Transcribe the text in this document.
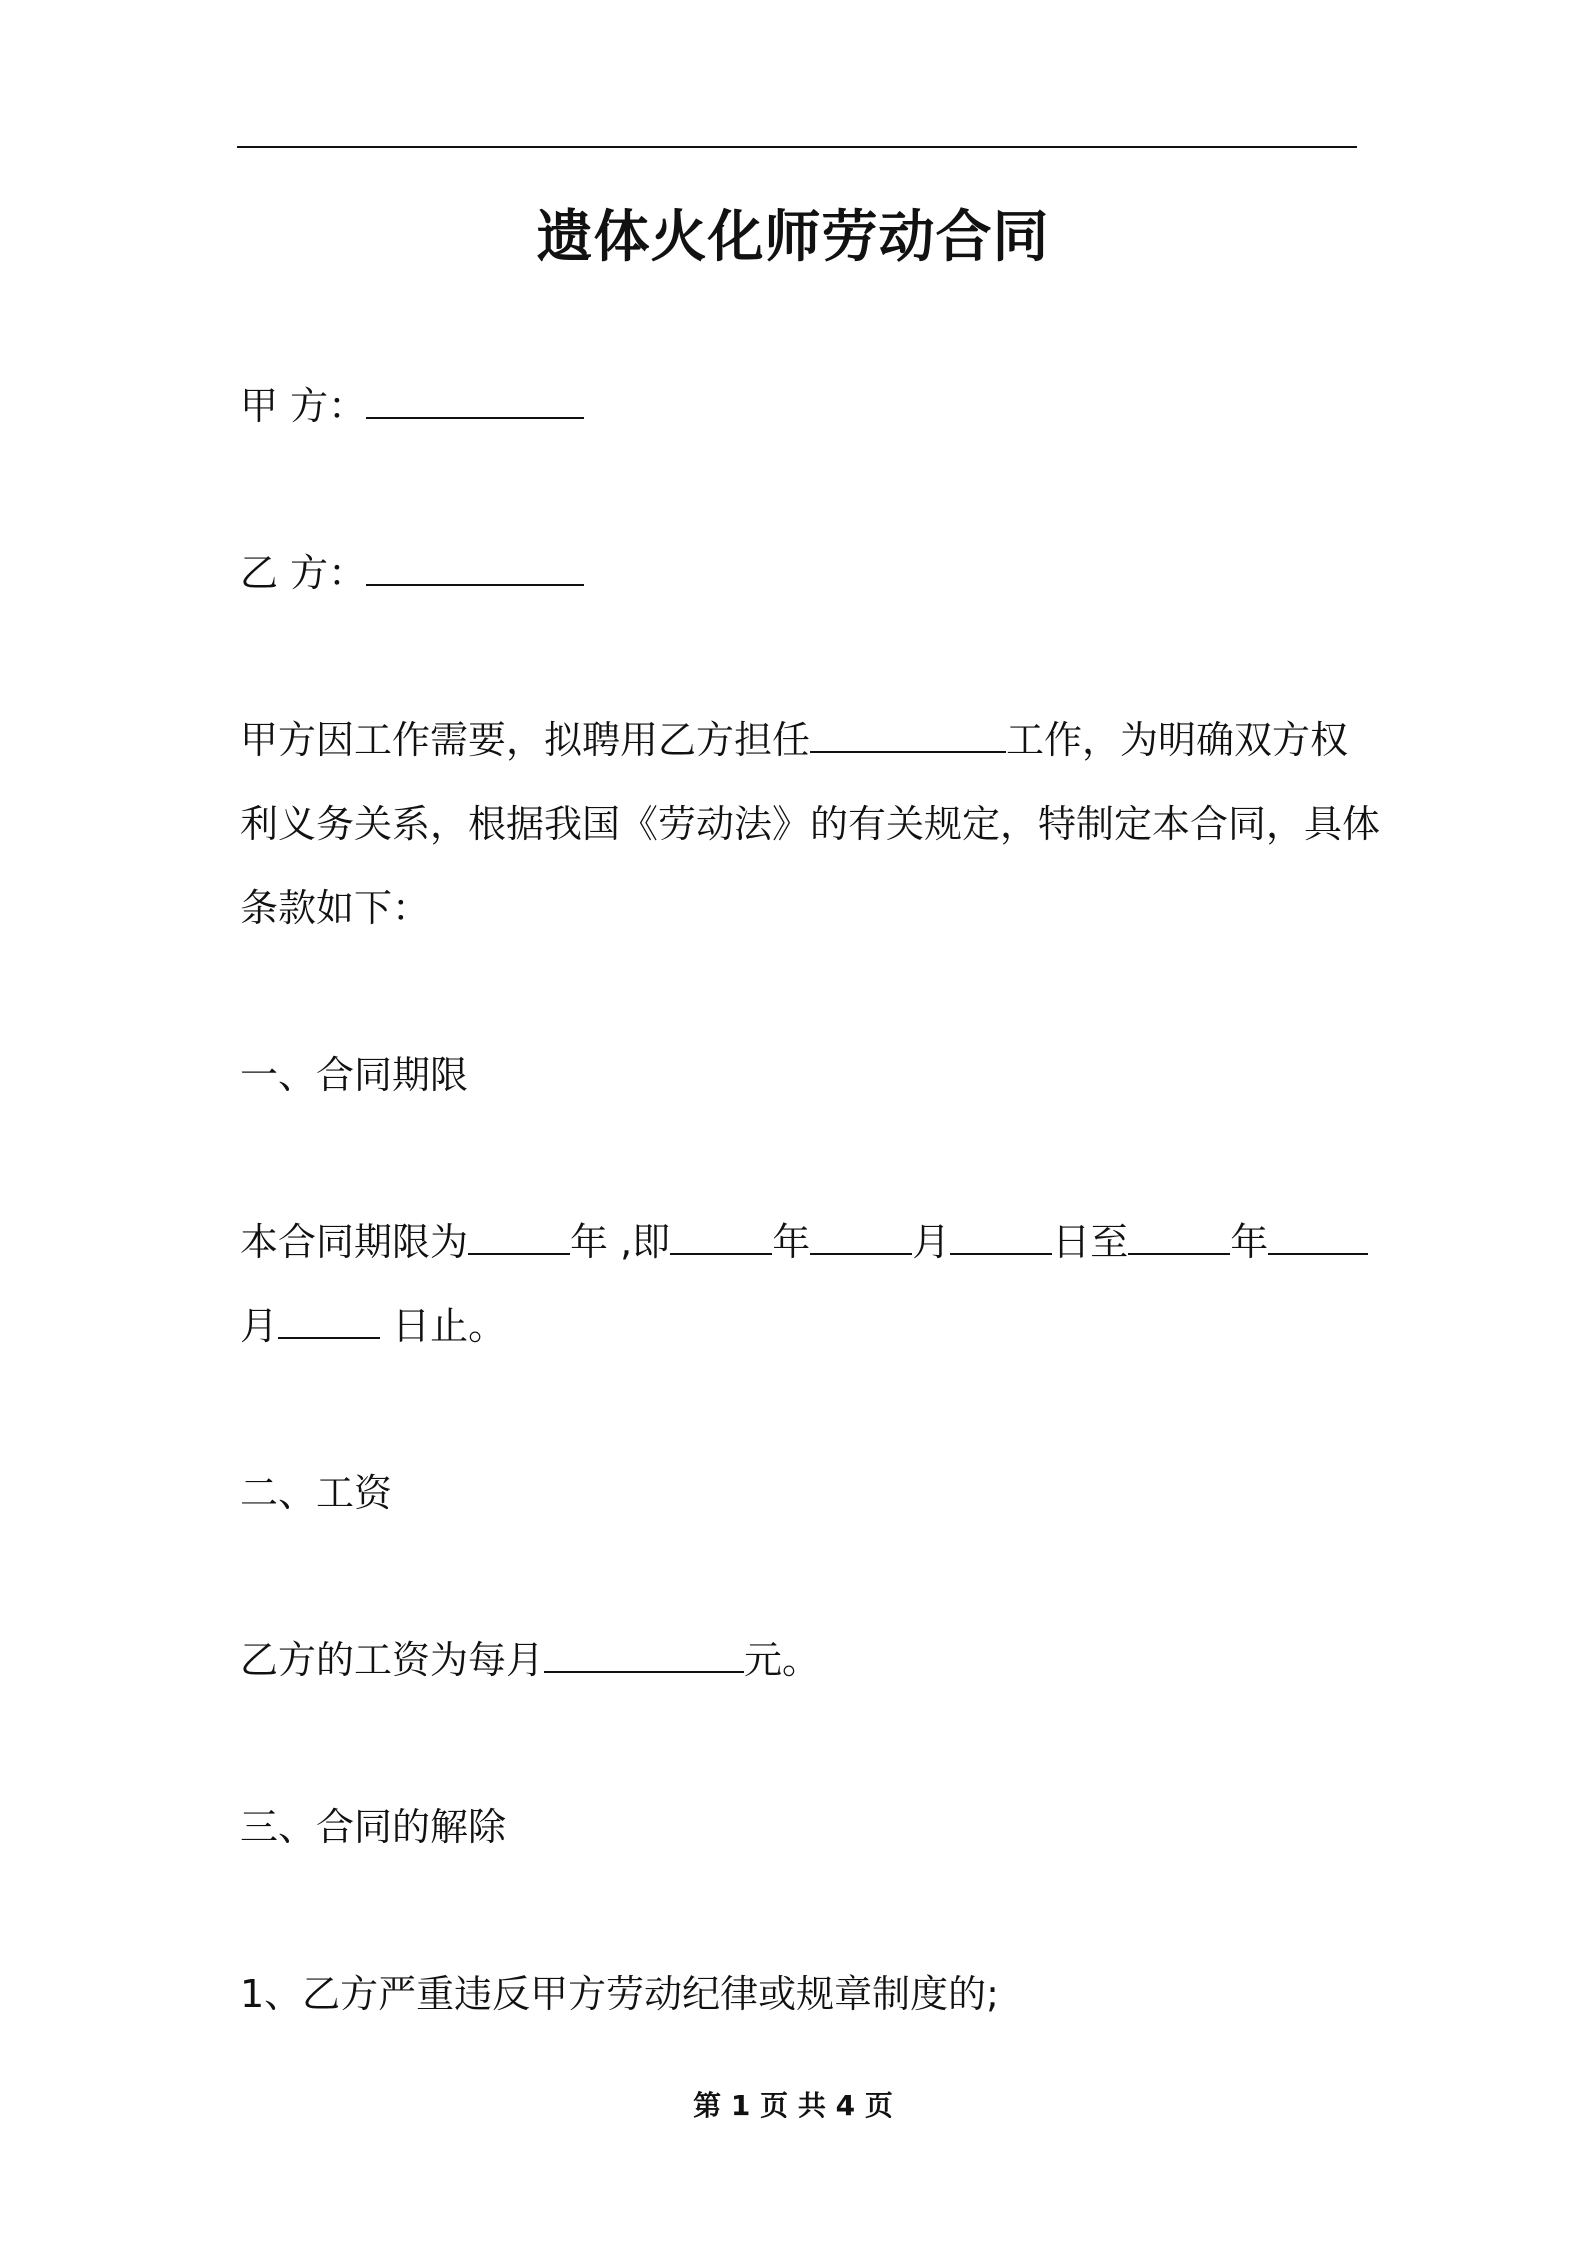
遗体火化师劳动合同
甲 方：
乙 方：
甲方因工作需要，拟聘用乙方担任	工作，为明确双方权
利义务关系，根据我国《劳动法》的有关规定，特制定本合同，具体
条款如下：
一、合同期限
本合同期限为	年 ,即	年	月	日至	年
月	日止。
二、工资
乙方的工资为每月	元。
三、合同的解除
1、乙方严重违反甲方劳动纪律或规章制度的;
第 1 页 共 4 页
